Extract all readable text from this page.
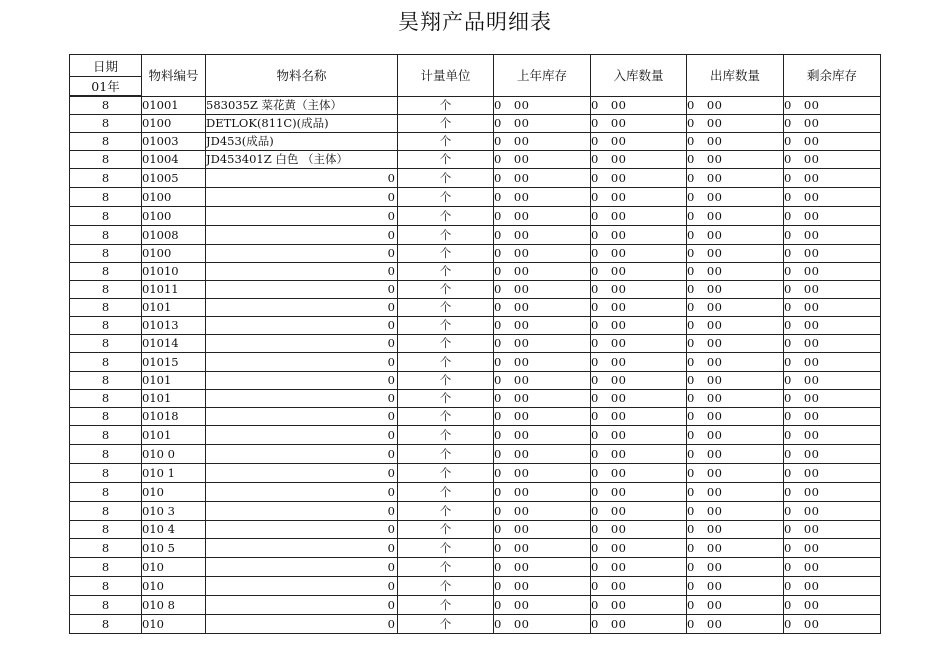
昊翔产品明细表
日期	物料编号	物料名称	计量单位	上年库存	入库数量	出库数量	剩余库存
01年							
8	01001	583035Z 菜花黄（主体）	个	0 00	0 00	0 00	0 00
8	0100	DETLOK(811C)(成品)	个	0 00	0 00	0 00	0 00
8	01003	JD453(成品)	个	0 00	0 00	0 00	0 00
8	01004	JD453401Z 白色 （主体）	个	0 00	0 00	0 00	0 00
8	01005	0	个	0 00	0 00	0 00	0 00
8	0100	0	个	0 00	0 00	0 00	0 00
8	0100	0	个	0 00	0 00	0 00	0 00
8	01008	0	个	0 00	0 00	0 00	0 00
8	0100	0	个	0 00	0 00	0 00	0 00
8	01010	0	个	0 00	0 00	0 00	0 00
8	01011	0	个	0 00	0 00	0 00	0 00
8	0101	0	个	0 00	0 00	0 00	0 00
8	01013	0	个	0 00	0 00	0 00	0 00
8	01014	0	个	0 00	0 00	0 00	0 00
8	01015	0	个	0 00	0 00	0 00	0 00
8	0101	0	个	0 00	0 00	0 00	0 00
8	0101	0	个	0 00	0 00	0 00	0 00
8	01018	0	个	0 00	0 00	0 00	0 00
8	0101	0	个	0 00	0 00	0 00	0 00
8	010 0	0	个	0 00	0 00	0 00	0 00
8	010 1	0	个	0 00	0 00	0 00	0 00
8	010	0	个	0 00	0 00	0 00	0 00
8	010 3	0	个	0 00	0 00	0 00	0 00
8	010 4	0	个	0 00	0 00	0 00	0 00
8	010 5	0	个	0 00	0 00	0 00	0 00
8	010	0	个	0 00	0 00	0 00	0 00
8	010	0	个	0 00	0 00	0 00	0 00
8	010 8	0	个	0 00	0 00	0 00	0 00
8	010	0	个	0 00	0 00	0 00	0 00
